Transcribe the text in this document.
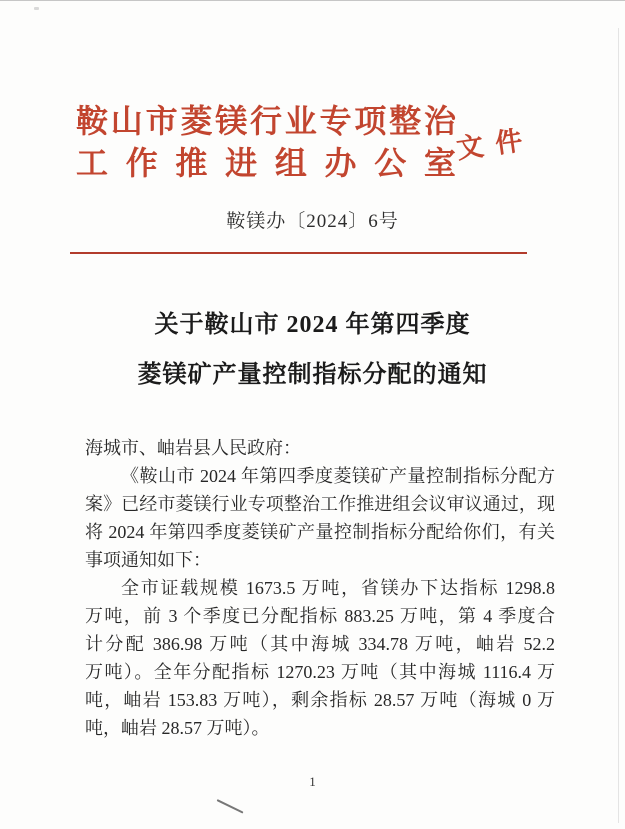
鞍 山 市 菱 镁 行 业 专 项 整 治
工 作 推 进 组 办 公 室
文件
鞍镁办〔2024〕6号
关于鞍山市 2024 年第四季度
菱镁矿产量控制指标分配的通知
海城市、岫岩县人民政府：
《鞍山市 2024 年第四季度菱镁矿产量控制指标分配方
案》已经市菱镁行业专项整治工作推进组会议审议通过，现
将 2024 年第四季度菱镁矿产量控制指标分配给你们，有关
事项通知如下：
全市证载规模 1673.5 万吨，省镁办下达指标 1298.8
万吨，前 3 个季度已分配指标 883.25 万吨，第 4 季度合
计分配 386.98 万吨（其中海城 334.78 万吨，岫岩 52.2
万吨）。全年分配指标 1270.23 万吨（其中海城 1116.4 万
吨，岫岩 153.83 万吨），剩余指标 28.57 万吨（海城 0 万
吨，岫岩 28.57 万吨）。
1
